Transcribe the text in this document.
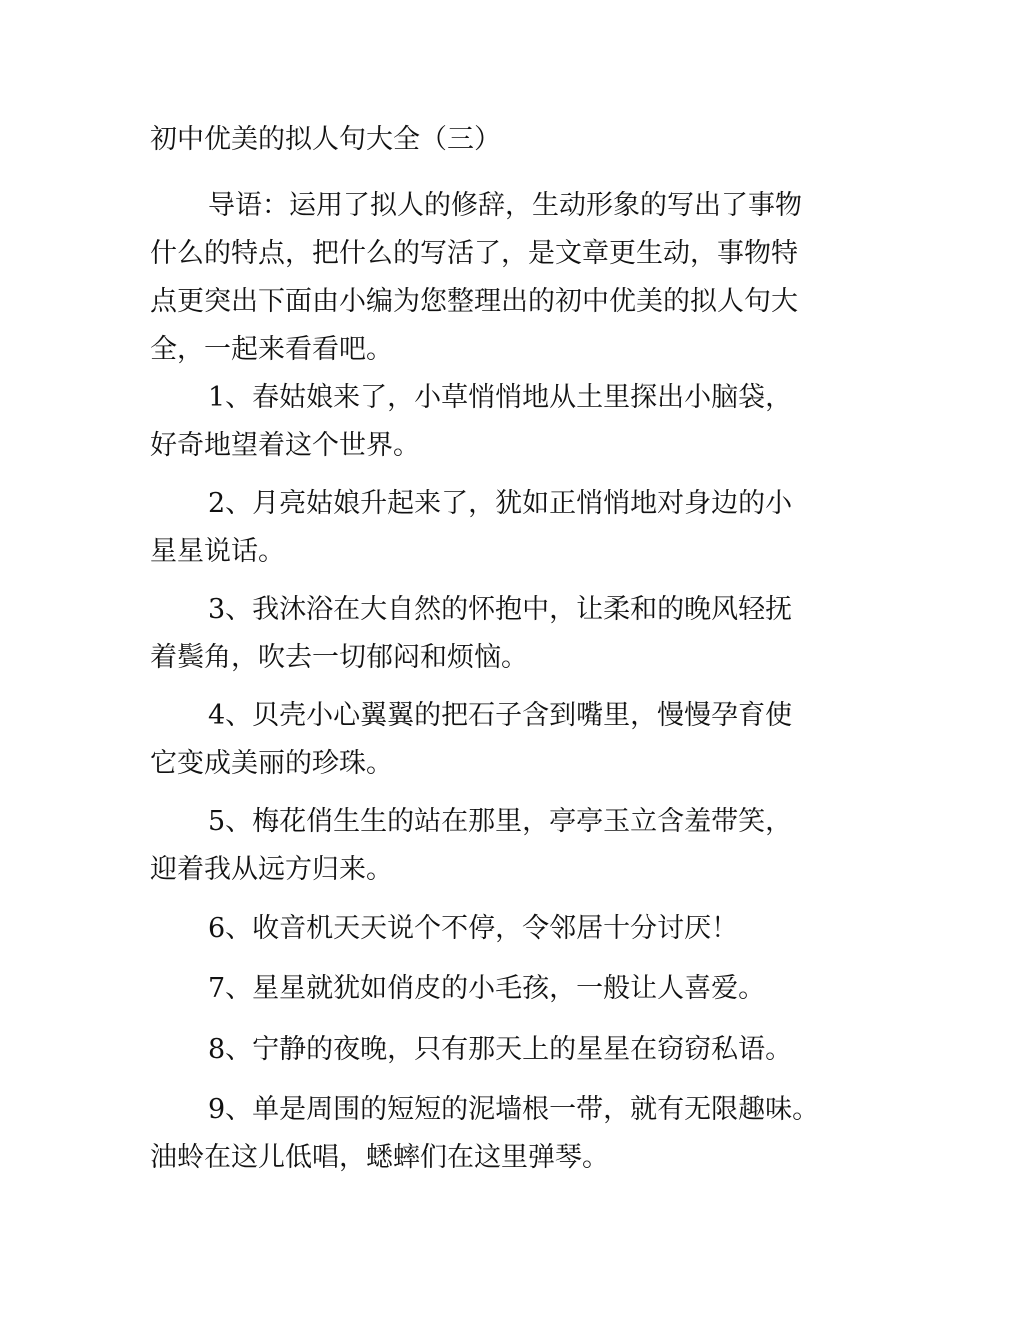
初中优美的拟人句大全（三）
导语：运用了拟人的修辞，生动形象的写出了事物
什么的特点，把什么的写活了，是文章更生动，事物特
点更突出下面由小编为您整理出的初中优美的拟人句大
全，一起来看看吧。
1、春姑娘来了，小草悄悄地从土里探出小脑袋，
好奇地望着这个世界。
2、月亮姑娘升起来了，犹如正悄悄地对身边的小
星星说话。
3、我沐浴在大自然的怀抱中，让柔和的晚风轻抚
着鬓角，吹去一切郁闷和烦恼。
4、贝壳小心翼翼的把石子含到嘴里，慢慢孕育使
它变成美丽的珍珠。
5、梅花俏生生的站在那里，亭亭玉立含羞带笑，
迎着我从远方归来。
6、收音机天天说个不停，令邻居十分讨厌！
7、星星就犹如俏皮的小毛孩，一般让人喜爱。
8、宁静的夜晚，只有那天上的星星在窃窃私语。
9、单是周围的短短的泥墙根一带，就有无限趣味。
油蛉在这儿低唱，蟋蟀们在这里弹琴。
